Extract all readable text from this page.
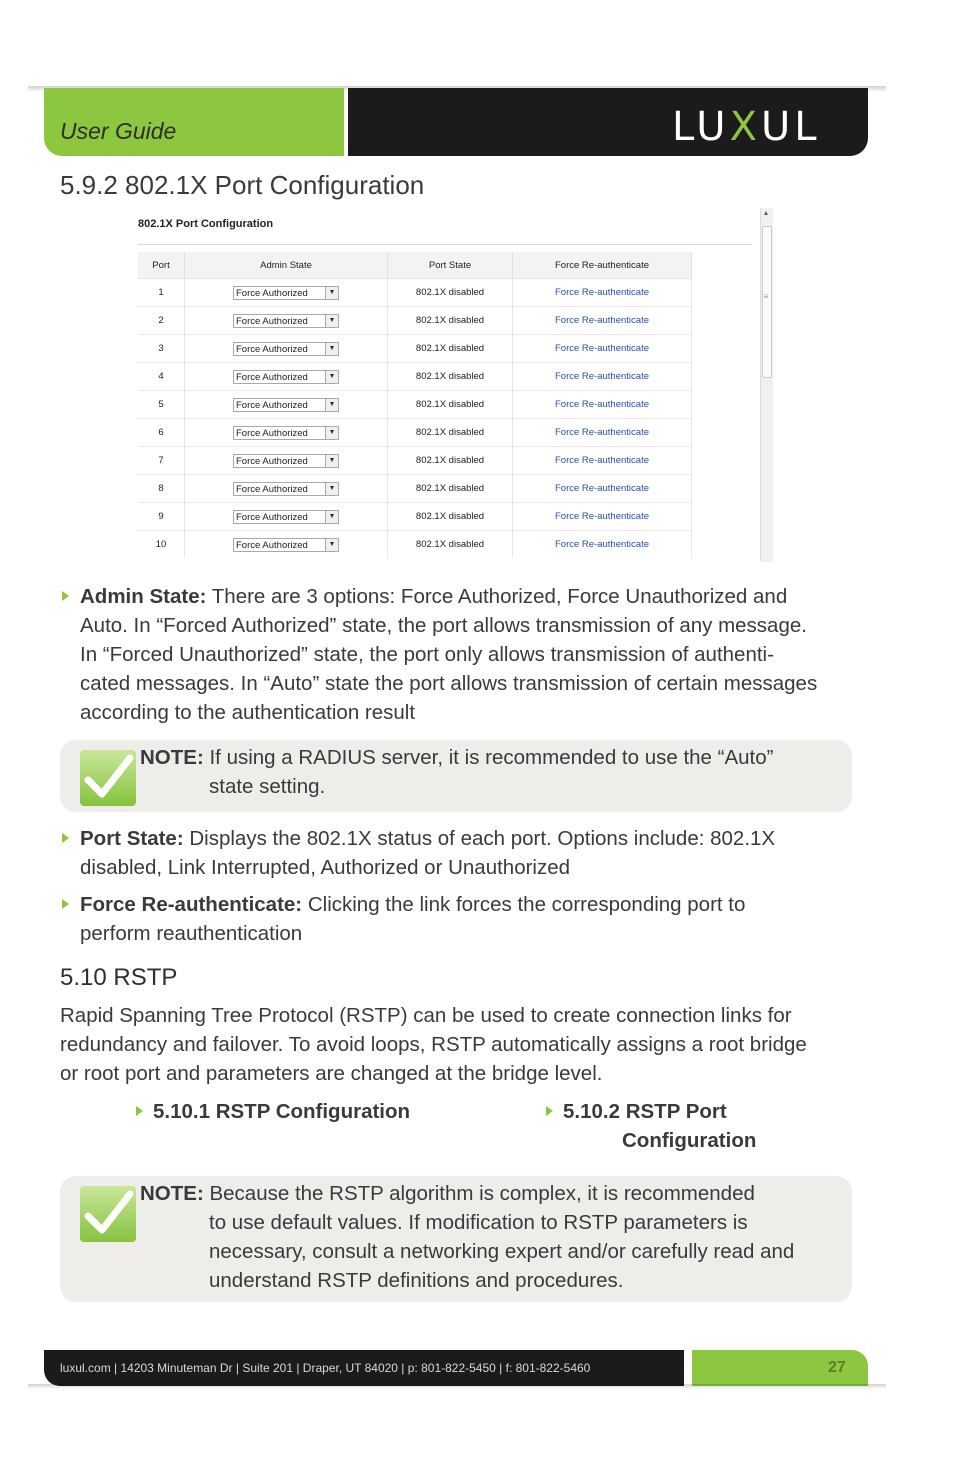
User Guide	LUXUL
5.9.2 802.1X Port Configuration
802.1X Port Configuration
Port	Admin State	Port State	Force Re-authenticate
1	Force Authorized ▼	802.1X disabled	Force Re-authenticate
2	Force Authorized ▼	802.1X disabled	Force Re-authenticate
3	Force Authorized ▼	802.1X disabled	Force Re-authenticate
4	Force Authorized ▼	802.1X disabled	Force Re-authenticate
5	Force Authorized ▼	802.1X disabled	Force Re-authenticate
6	Force Authorized ▼	802.1X disabled	Force Re-authenticate
7	Force Authorized ▼	802.1X disabled	Force Re-authenticate
8	Force Authorized ▼	802.1X disabled	Force Re-authenticate
9	Force Authorized ▼	802.1X disabled	Force Re-authenticate
10	Force Authorized ▼	802.1X disabled	Force Re-authenticate
▲
≡
Admin State: There are 3 options: Force Authorized, Force Unauthorized and
Auto. In “Forced Authorized” state, the port allows transmission of any message.
In “Forced Unauthorized” state, the port only allows transmission of authenti-
cated messages. In “Auto” state the port allows transmission of certain messages
according to the authentication result
NOTE: If using a RADIUS server, it is recommended to use the “Auto”
state setting.
Port State: Displays the 802.1X status of each port. Options include: 802.1X
disabled, Link Interrupted, Authorized or Unauthorized
Force Re-authenticate: Clicking the link forces the corresponding port to
perform reauthentication
5.10 RSTP
Rapid Spanning Tree Protocol (RSTP) can be used to create connection links for
redundancy and failover. To avoid loops, RSTP automatically assigns a root bridge
or root port and parameters are changed at the bridge level.
5.10.1 RSTP Configuration	5.10.2 RSTP Port
Configuration
NOTE: Because the RSTP algorithm is complex, it is recommended
to use default values. If modification to RSTP parameters is
necessary, consult a networking expert and/or carefully read and
understand RSTP definitions and procedures.
luxul.com | 14203 Minuteman Dr | Suite 201 | Draper, UT 84020 | p: 801-822-5450 | f: 801-822-5460	27
